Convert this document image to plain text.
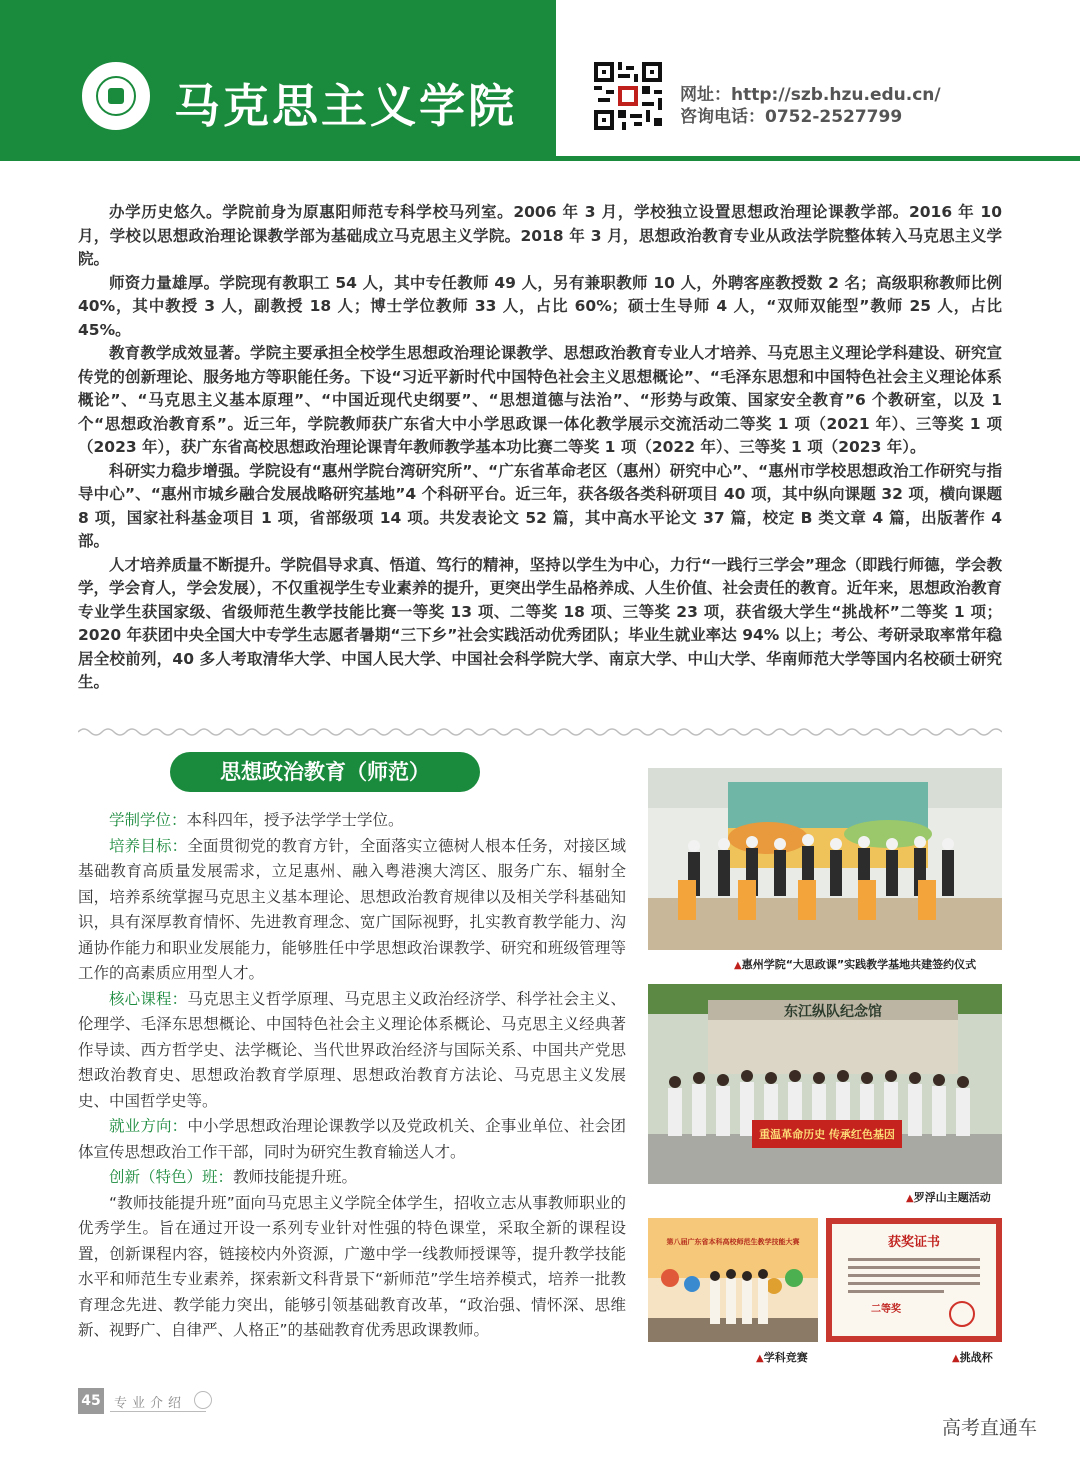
马克思主义学院	网址：http://szb.hzu.edu.cn/
咨询电话：0752-2527799

办学历史悠久。学院前身为原惠阳师范专科学校马列室。2006 年 3 月，学校独立设置思想政治理论课教学部。2016 年 10 月，学校以思想政治理论课教学部为基础成立马克思主义学院。2018 年 3 月，思想政治教育专业从政法学院整体转入马克思主义学院。

师资力量雄厚。学院现有教职工 54 人，其中专任教师 49 人，另有兼职教师 10 人，外聘客座教授数 2 名；高级职称教师比例 40%，其中教授 3 人，副教授 18 人；博士学位教师 33 人，占比 60%；硕士生导师 4 人，“双师双能型”教师 25 人，占比 45%。

教育教学成效显著。学院主要承担全校学生思想政治理论课教学、思想政治教育专业人才培养、马克思主义理论学科建设、研究宣传党的创新理论、服务地方等职能任务。下设“习近平新时代中国特色社会主义思想概论”、“毛泽东思想和中国特色社会主义理论体系概论”、“马克思主义基本原理”、“中国近现代史纲要”、“思想道德与法治”、“形势与政策、国家安全教育”6 个教研室，以及 1 个“思想政治教育系”。近三年，学院教师获广东省大中小学思政课一体化教学展示交流活动二等奖 1 项（2021 年）、三等奖 1 项（2023 年），获广东省高校思想政治理论课青年教师教学基本功比赛二等奖 1 项（2022 年）、三等奖 1 项（2023 年）。

科研实力稳步增强。学院设有“惠州学院台湾研究所”、“广东省革命老区（惠州）研究中心”、“惠州市学校思想政治工作研究与指导中心”、“惠州市城乡融合发展战略研究基地”4 个科研平台。近三年，获各级各类科研项目 40 项，其中纵向课题 32 项，横向课题 8 项，国家社科基金项目 1 项，省部级项 14 项。共发表论文 52 篇，其中高水平论文 37 篇，校定 B 类文章 4 篇，出版著作 4 部。

人才培养质量不断提升。学院倡导求真、悟道、笃行的精神，坚持以学生为中心，力行“一践行三学会”理念（即践行师德，学会教学，学会育人，学会发展），不仅重视学生专业素养的提升，更突出学生品格养成、人生价值、社会责任的教育。近年来，思想政治教育专业学生获国家级、省级师范生教学技能比赛一等奖 13 项、二等奖 18 项、三等奖 23 项，获省级大学生“挑战杯”二等奖 1 项；2020 年获团中央全国大中专学生志愿者暑期“三下乡”社会实践活动优秀团队；毕业生就业率达 94% 以上；考公、考研录取率常年稳居全校前列，40 多人考取清华大学、中国人民大学、中国社会科学院大学、南京大学、中山大学、华南师范大学等国内名校硕士研究生。

思想政治教育（师范）

学制学位：本科四年，授予法学学士学位。

培养目标：全面贯彻党的教育方针，全面落实立德树人根本任务，对接区域基础教育高质量发展需求，立足惠州、融入粤港澳大湾区、服务广东、辐射全国，培养系统掌握马克思主义基本理论、思想政治教育规律以及相关学科基础知识，具有深厚教育情怀、先进教育理念、宽广国际视野，扎实教育教学能力、沟通协作能力和职业发展能力，能够胜任中学思想政治课教学、研究和班级管理等工作的高素质应用型人才。

核心课程：马克思主义哲学原理、马克思主义政治经济学、科学社会主义、伦理学、毛泽东思想概论、中国特色社会主义理论体系概论、马克思主义经典著作导读、西方哲学史、法学概论、当代世界政治经济与国际关系、中国共产党思想政治教育史、思想政治教育学原理、思想政治教育方法论、马克思主义发展史、中国哲学史等。

就业方向：中小学思想政治理论课教学以及党政机关、企事业单位、社会团体宣传思想政治工作干部，同时为研究生教育输送人才。

创新（特色）班：教师技能提升班。

“教师技能提升班”面向马克思主义学院全体学生，招收立志从事教师职业的优秀学生。旨在通过开设一系列专业针对性强的特色课堂，采取全新的课程设置，创新课程内容，链接校内外资源，广邀中学一线教师授课等，提升教学技能水平和师范生专业素养，探索新文科背景下“新师范”学生培养模式，培养一批教育理念先进、教学能力突出，能够引领基础教育改革，“政治强、情怀深、思维新、视野广、自律严、人格正”的基础教育优秀思政课教师。

▲惠州学院“大思政课”实践教学基地共建签约仪式
东江纵队纪念馆
重温革命历史 传承红色基因
▲罗浮山主题活动
第八届广东省本科高校师范生教学技能大赛
▲学科竞赛
获奖证书
二等奖
▲挑战杯
45 专业介绍
高考直通车
